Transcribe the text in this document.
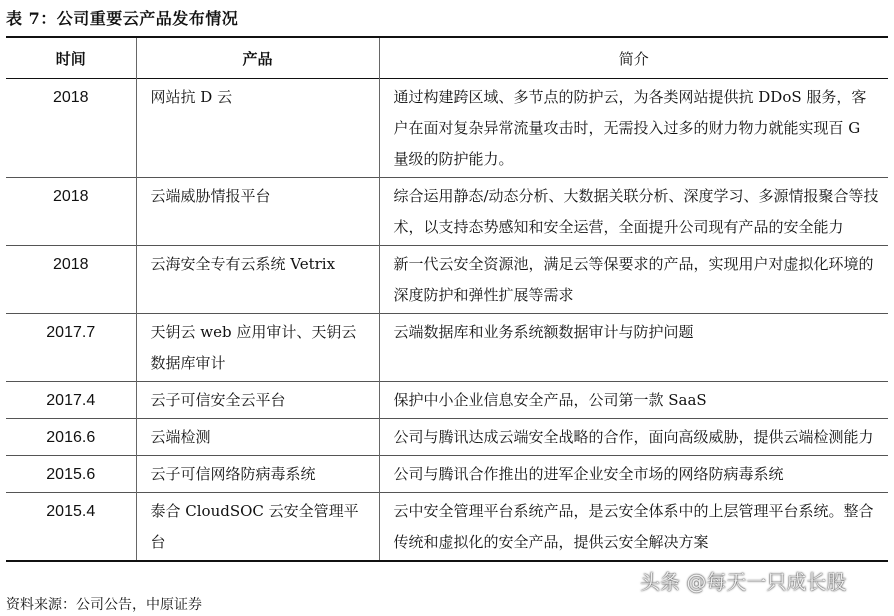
表 7：公司重要云产品发布情况
时间	产品	简介
2018	网站抗 D 云	通过构建跨区域、多节点的防护云，为各类网站提供抗 DDoS 服务，客户在面对复杂异常流量攻击时，无需投入过多的财力物力就能实现百 G 量级的防护能力。
2018	云端威胁情报平台	综合运用静态/动态分析、大数据关联分析、深度学习、多源情报聚合等技术，以支持态势感知和安全运营，全面提升公司现有产品的安全能力
2018	云海安全专有云系统 Vetrix	新一代云安全资源池，满足云等保要求的产品，实现用户对虚拟化环境的深度防护和弹性扩展等需求
2017.7	天钥云 web 应用审计、天钥云数据库审计	云端数据库和业务系统额数据审计与防护问题
2017.4	云子可信安全云平台	保护中小企业信息安全产品，公司第一款 SaaS
2016.6	云端检测	公司与腾讯达成云端安全战略的合作，面向高级威胁，提供云端检测能力
2015.6	云子可信网络防病毒系统	公司与腾讯合作推出的进军企业安全市场的网络防病毒系统
2015.4	泰合 CloudSOC 云安全管理平台	云中安全管理平台系统产品，是云安全体系中的上层管理平台系统。整合传统和虚拟化的安全产品，提供云安全解决方案
资料来源：公司公告，中原证券
头条 @每天一只成长股
